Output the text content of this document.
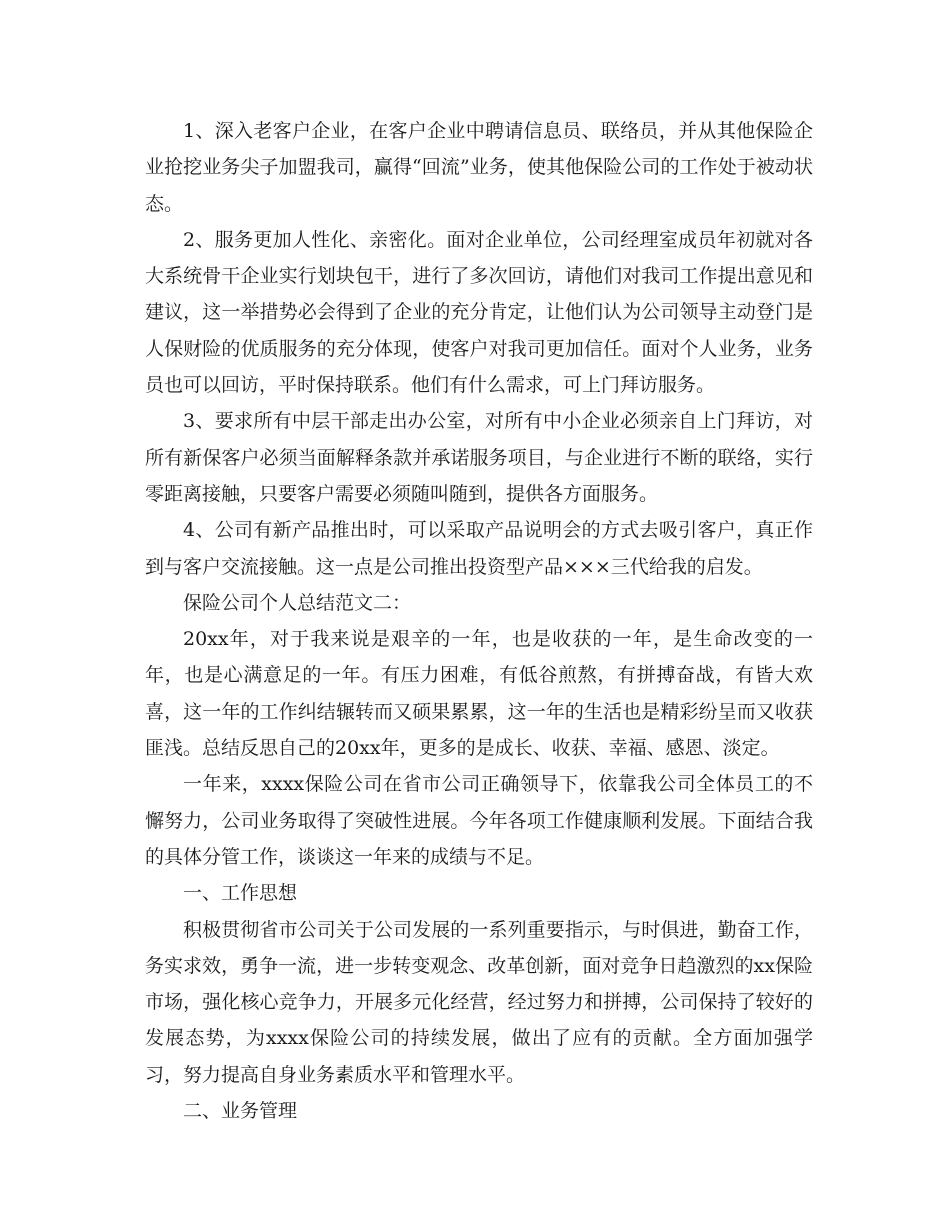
1、深入老客户企业，在客户企业中聘请信息员、联络员，并从其他保险企业抢挖业务尖子加盟我司，赢得“回流”业务，使其他保险公司的工作处于被动状态。

2、服务更加人性化、亲密化。面对企业单位，公司经理室成员年初就对各大系统骨干企业实行划块包干，进行了多次回访，请他们对我司工作提出意见和建议，这一举措势必会得到了企业的充分肯定，让他们认为公司领导主动登门是人保财险的优质服务的充分体现，使客户对我司更加信任。面对个人业务，业务员也可以回访，平时保持联系。他们有什么需求，可上门拜访服务。

3、要求所有中层干部走出办公室，对所有中小企业必须亲自上门拜访，对所有新保客户必须当面解释条款并承诺服务项目，与企业进行不断的联络，实行零距离接触，只要客户需要必须随叫随到，提供各方面服务。

4、公司有新产品推出时，可以采取产品说明会的方式去吸引客户，真正作到与客户交流接触。这一点是公司推出投资型产品×××三代给我的启发。

保险公司个人总结范文二：

20xx年，对于我来说是艰辛的一年，也是收获的一年，是生命改变的一年，也是心满意足的一年。有压力困难，有低谷煎熬，有拼搏奋战，有皆大欢喜，这一年的工作纠结辗转而又硕果累累，这一年的生活也是精彩纷呈而又收获匪浅。总结反思自己的20xx年，更多的是成长、收获、幸福、感恩、淡定。

一年来，xxxx保险公司在省市公司正确领导下，依靠我公司全体员工的不懈努力，公司业务取得了突破性进展。今年各项工作健康顺利发展。下面结合我的具体分管工作，谈谈这一年来的成绩与不足。

一、工作思想

积极贯彻省市公司关于公司发展的一系列重要指示，与时俱进，勤奋工作，务实求效，勇争一流，进一步转变观念、改革创新，面对竞争日趋激烈的xx保险市场，强化核心竞争力，开展多元化经营，经过努力和拼搏，公司保持了较好的发展态势，为xxxx保险公司的持续发展，做出了应有的贡献。全方面加强学习，努力提高自身业务素质水平和管理水平。

二、业务管理
